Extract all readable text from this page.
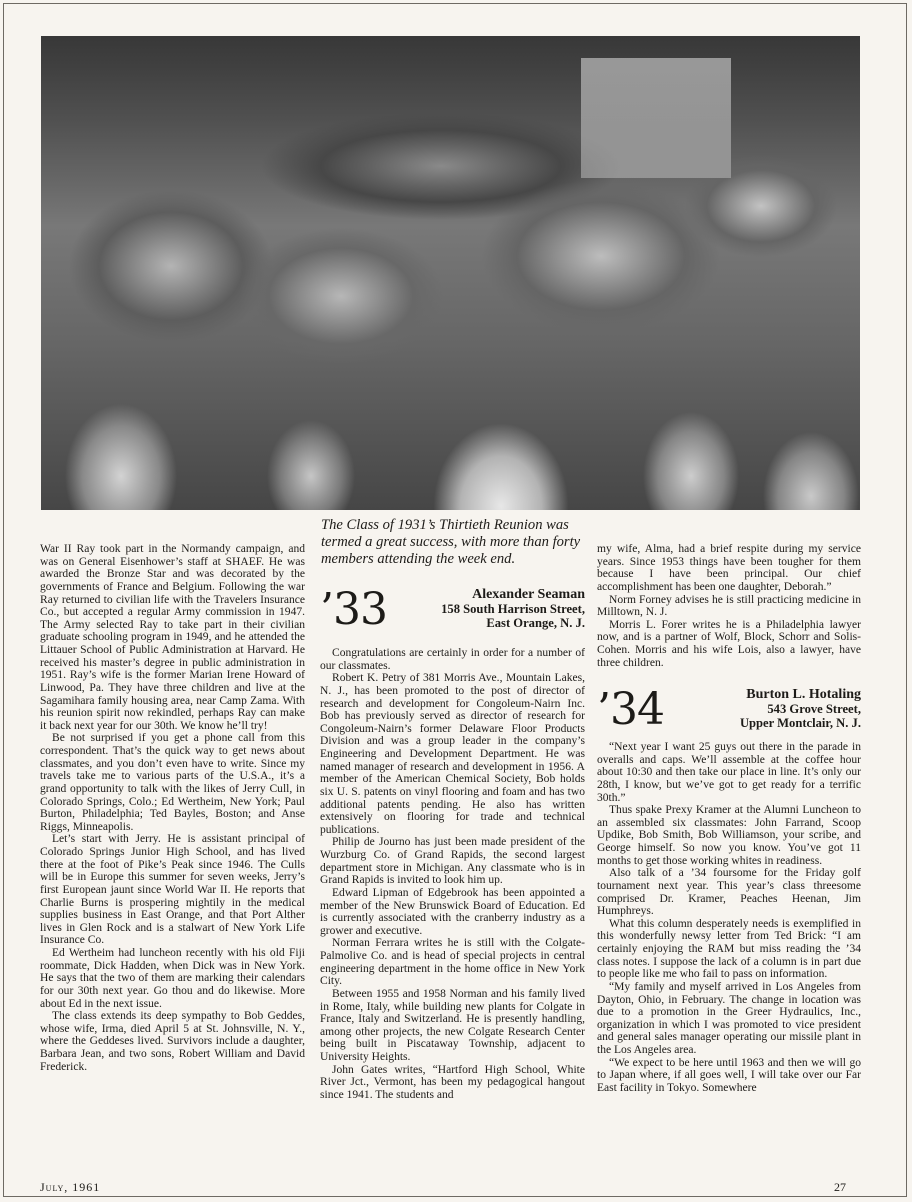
The Class of 1931’s Thirtieth Reunion was termed a great success, with more than forty members attending the week end.

War II Ray took part in the Normandy campaign, and was on General Eisenhower’s staff at SHAEF. He was awarded the Bronze Star and was decorated by the governments of France and Belgium. Following the war Ray returned to civilian life with the Travelers Insurance Co., but accepted a regular Army commission in 1947. The Army selected Ray to take part in their civilian graduate schooling program in 1949, and he attended the Littauer School of Public Administration at Harvard. He received his master’s degree in public administration in 1951. Ray’s wife is the former Marian Irene Howard of Linwood, Pa. They have three children and live at the Sagamihara family housing area, near Camp Zama. With his reunion spirit now rekindled, perhaps Ray can make it back next year for our 30th. We know he’ll try!

Be not surprised if you get a phone call from this correspondent. That’s the quick way to get news about classmates, and you don’t even have to write. Since my travels take me to various parts of the U.S.A., it’s a grand opportunity to talk with the likes of Jerry Cull, in Colorado Springs, Colo.; Ed Wertheim, New York; Paul Burton, Philadelphia; Ted Bayles, Boston; and Anse Riggs, Minneapolis.

Let’s start with Jerry. He is assistant principal of Colorado Springs Junior High School, and has lived there at the foot of Pike’s Peak since 1946. The Culls will be in Europe this summer for seven weeks, Jerry’s first European jaunt since World War II. He reports that Charlie Burns is prospering mightily in the medical supplies business in East Orange, and that Port Alther lives in Glen Rock and is a stalwart of New York Life Insurance Co.

Ed Wertheim had luncheon recently with his old Fiji roommate, Dick Hadden, when Dick was in New York. He says that the two of them are marking their calendars for our 30th next year. Go thou and do likewise. More about Ed in the next issue.

The class extends its deep sympathy to Bob Geddes, whose wife, Irma, died April 5 at St. Johnsville, N. Y., where the Geddeses lived. Survivors include a daughter, Barbara Jean, and two sons, Robert William and David Frederick.

’33	Alexander Seaman
158 South Harrison Street,
East Orange, N. J.

Congratulations are certainly in order for a number of our classmates.

Robert K. Petry of 381 Morris Ave., Mountain Lakes, N. J., has been promoted to the post of director of research and development for Congoleum-Nairn Inc. Bob has previously served as director of research for Congoleum-Nairn’s former Delaware Floor Products Division and was a group leader in the company’s Engineering and Development Department. He was named manager of research and development in 1956. A member of the American Chemical Society, Bob holds six U. S. patents on vinyl flooring and foam and has two additional patents pending. He also has written extensively on flooring for trade and technical publications.

Philip de Journo has just been made president of the Wurzburg Co. of Grand Rapids, the second largest department store in Michigan. Any classmate who is in Grand Rapids is invited to look him up.

Edward Lipman of Edgebrook has been appointed a member of the New Brunswick Board of Education. Ed is currently associated with the cranberry industry as a grower and executive.

Norman Ferrara writes he is still with the Colgate-Palmolive Co. and is head of special projects in central engineering department in the home office in New York City.

Between 1955 and 1958 Norman and his family lived in Rome, Italy, while building new plants for Colgate in France, Italy and Switzerland. He is presently handling, among other projects, the new Colgate Research Center being built in Piscataway Township, adjacent to University Heights.

John Gates writes, “Hartford High School, White River Jct., Vermont, has been my pedagogical hangout since 1941. The students and

my wife, Alma, had a brief respite during my service years. Since 1953 things have been tougher for them because I have been principal. Our chief accomplishment has been one daughter, Deborah.”

Norm Forney advises he is still practicing medicine in Milltown, N. J.

Morris L. Forer writes he is a Philadelphia lawyer now, and is a partner of Wolf, Block, Schorr and Solis-Cohen. Morris and his wife Lois, also a lawyer, have three children.

’34	Burton L. Hotaling
543 Grove Street,
Upper Montclair, N. J.

“Next year I want 25 guys out there in the parade in overalls and caps. We’ll assemble at the coffee hour about 10:30 and then take our place in line. It’s only our 28th, I know, but we’ve got to get ready for a terrific 30th.”

Thus spake Prexy Kramer at the Alumni Luncheon to an assembled six classmates: John Farrand, Scoop Updike, Bob Smith, Bob Williamson, your scribe, and George himself. So now you know. You’ve got 11 months to get those working whites in readiness.

Also talk of a ’34 foursome for the Friday golf tournament next year. This year’s class threesome comprised Dr. Kramer, Peaches Heenan, Jim Humphreys.

What this column desperately needs is exemplified in this wonderfully newsy letter from Ted Brick: “I am certainly enjoying the RAM but miss reading the ’34 class notes. I suppose the lack of a column is in part due to people like me who fail to pass on information.

“My family and myself arrived in Los Angeles from Dayton, Ohio, in February. The change in location was due to a promotion in the Greer Hydraulics, Inc., organization in which I was promoted to vice president and general sales manager operating our missile plant in the Los Angeles area.

“We expect to be here until 1963 and then we will go to Japan where, if all goes well, I will take over our Far East facility in Tokyo. Somewhere

July, 1961	27
